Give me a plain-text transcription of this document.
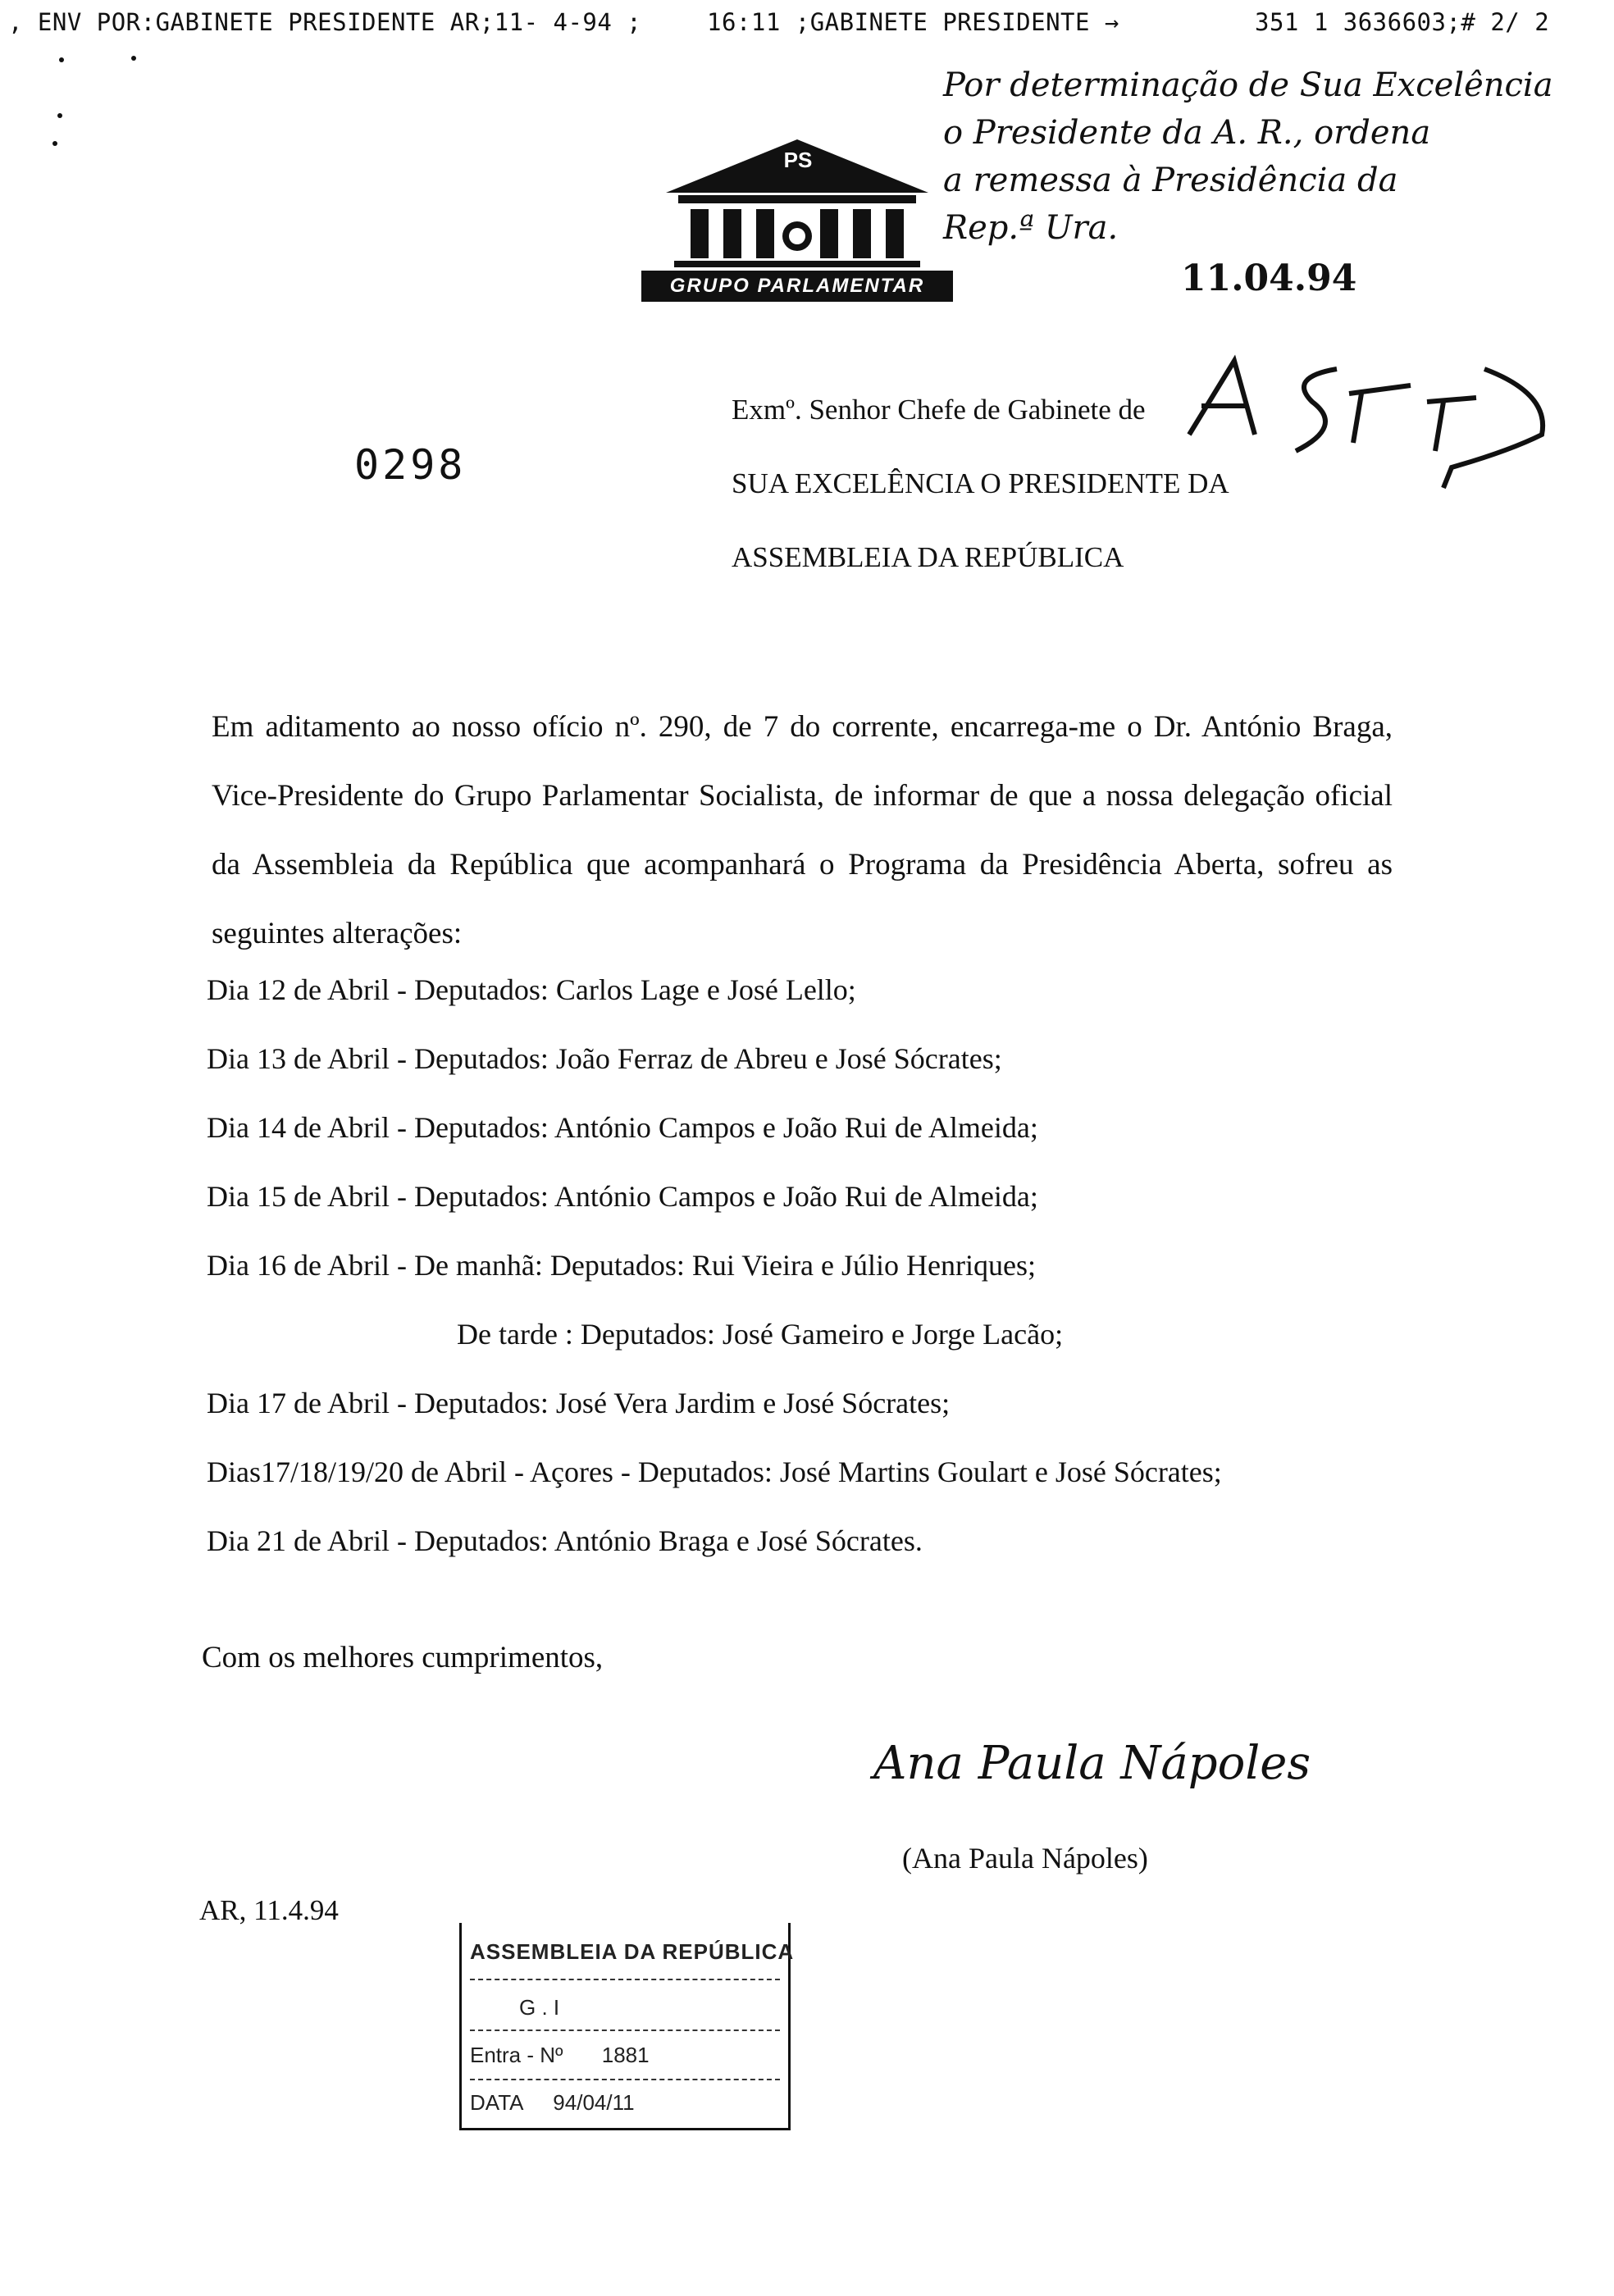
, ENV POR:GABINETE PRESIDENTE AR;11- 4-94 ;	16:11 ;GABINETE PRESIDENTE →	351 1 3636603;# 2/ 2
Por determinação de Sua Excelência
o Presidente da A. R., ordena
a remessa à Presidência da
Rep.ª Ura.
11.04.94
PS
GRUPO PARLAMENTAR
0298
Exmº. Senhor Chefe de Gabinete de
SUA EXCELÊNCIA O PRESIDENTE DA
ASSEMBLEIA DA REPÚBLICA

Em aditamento ao nosso ofício nº. 290, de 7 do corrente, encarrega-me o Dr. António Braga, Vice-Presidente do Grupo Parlamentar Socialista, de informar de que a nossa delegação oficial da Assembleia da República que acompanhará o Programa da Presidência Aberta, sofreu as seguintes alterações:

Dia 12 de Abril - Deputados: Carlos Lage e José Lello;
Dia 13 de Abril - Deputados: João Ferraz de Abreu e José Sócrates;
Dia 14 de Abril - Deputados: António Campos e João Rui de Almeida;
Dia 15 de Abril - Deputados: António Campos e João Rui de Almeida;
Dia 16 de Abril - De manhã: Deputados: Rui Vieira e Júlio Henriques;
De tarde : Deputados: José Gameiro e Jorge Lacão;
Dia 17 de Abril - Deputados: José Vera Jardim e José Sócrates;
Dias17/18/19/20 de Abril - Açores - Deputados: José Martins Goulart e José Sócrates;
Dia 21 de Abril - Deputados: António Braga e José Sócrates.
Com os melhores cumprimentos,
Ana Paula Nápoles
(Ana Paula Nápoles)
AR, 11.4.94
ASSEMBLEIA DA REPÚBLICA
G . I
Entra - Nº 1881
DATA 94/04/11
